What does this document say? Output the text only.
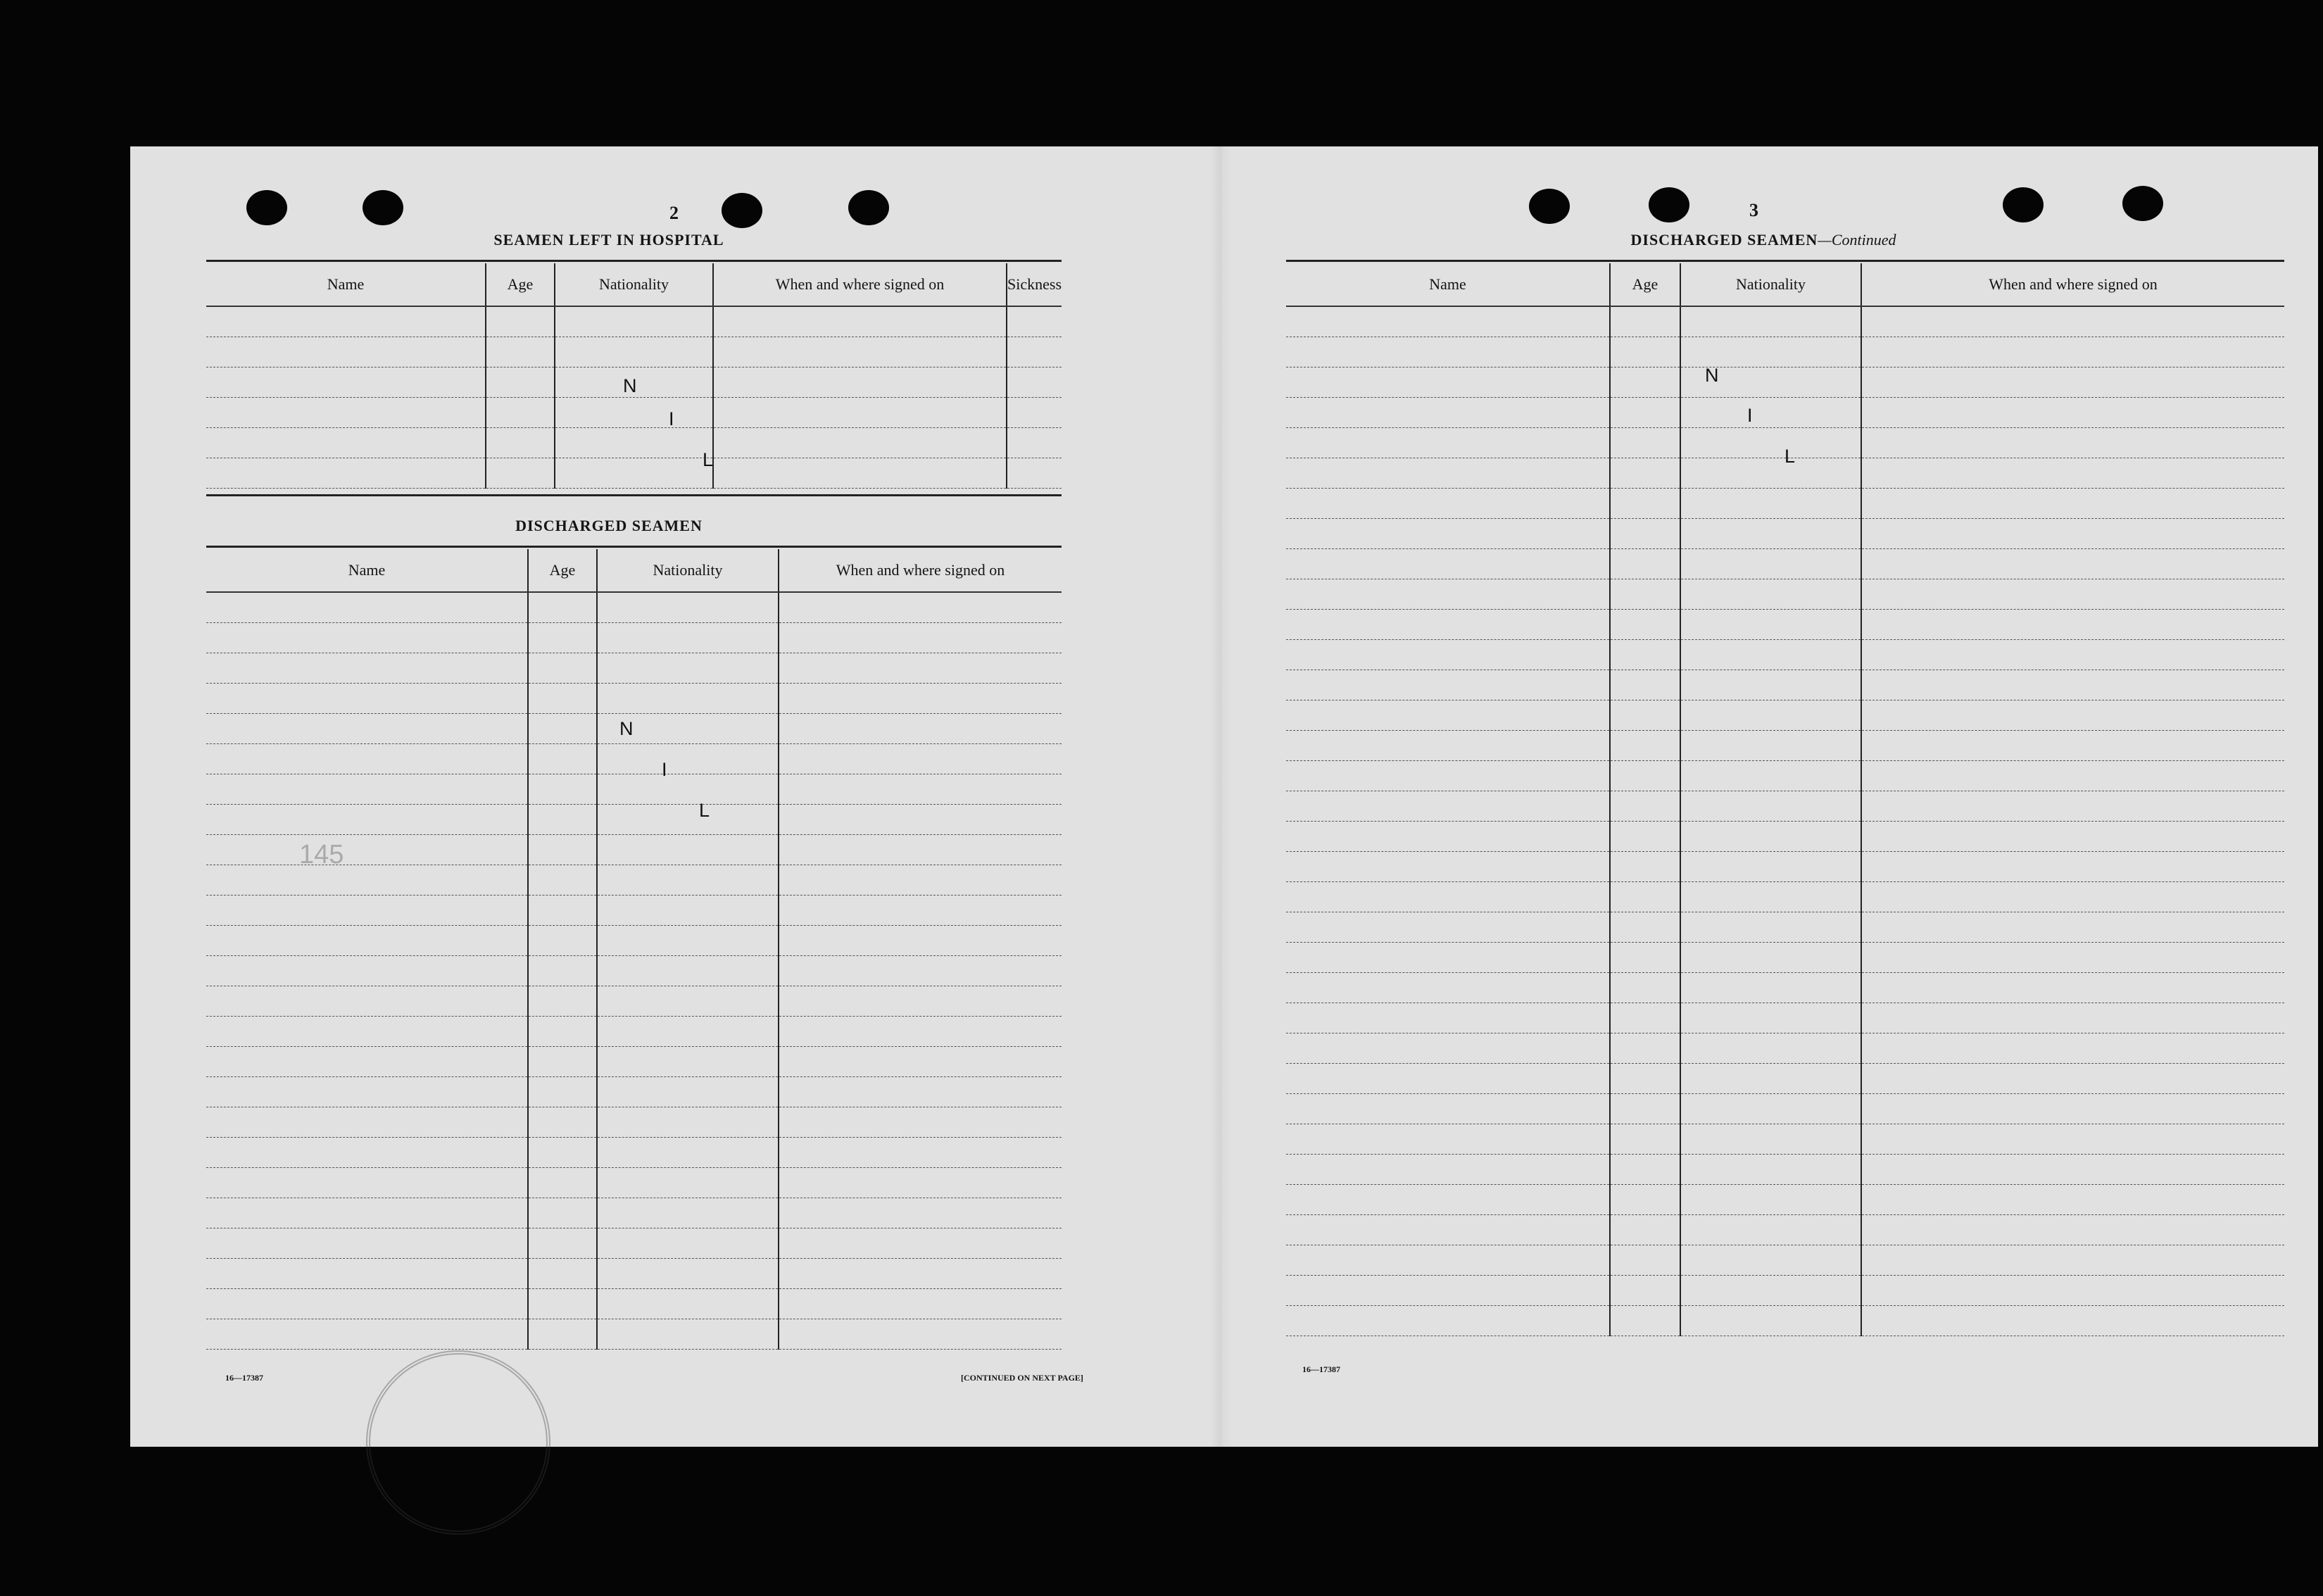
2
SEAMEN LEFT IN HOSPITAL
Name	Age	Nationality	When and where signed on	Sickness

N
I
L
DISCHARGED SEAMEN
Name	Age	Nationality	When and where signed on

N
I
L
16—17387	[CONTINUED ON NEXT PAGE]
145
3
DISCHARGED SEAMEN—Continued
Name	Age	Nationality	When and where signed on

N
I
L
16—17387
